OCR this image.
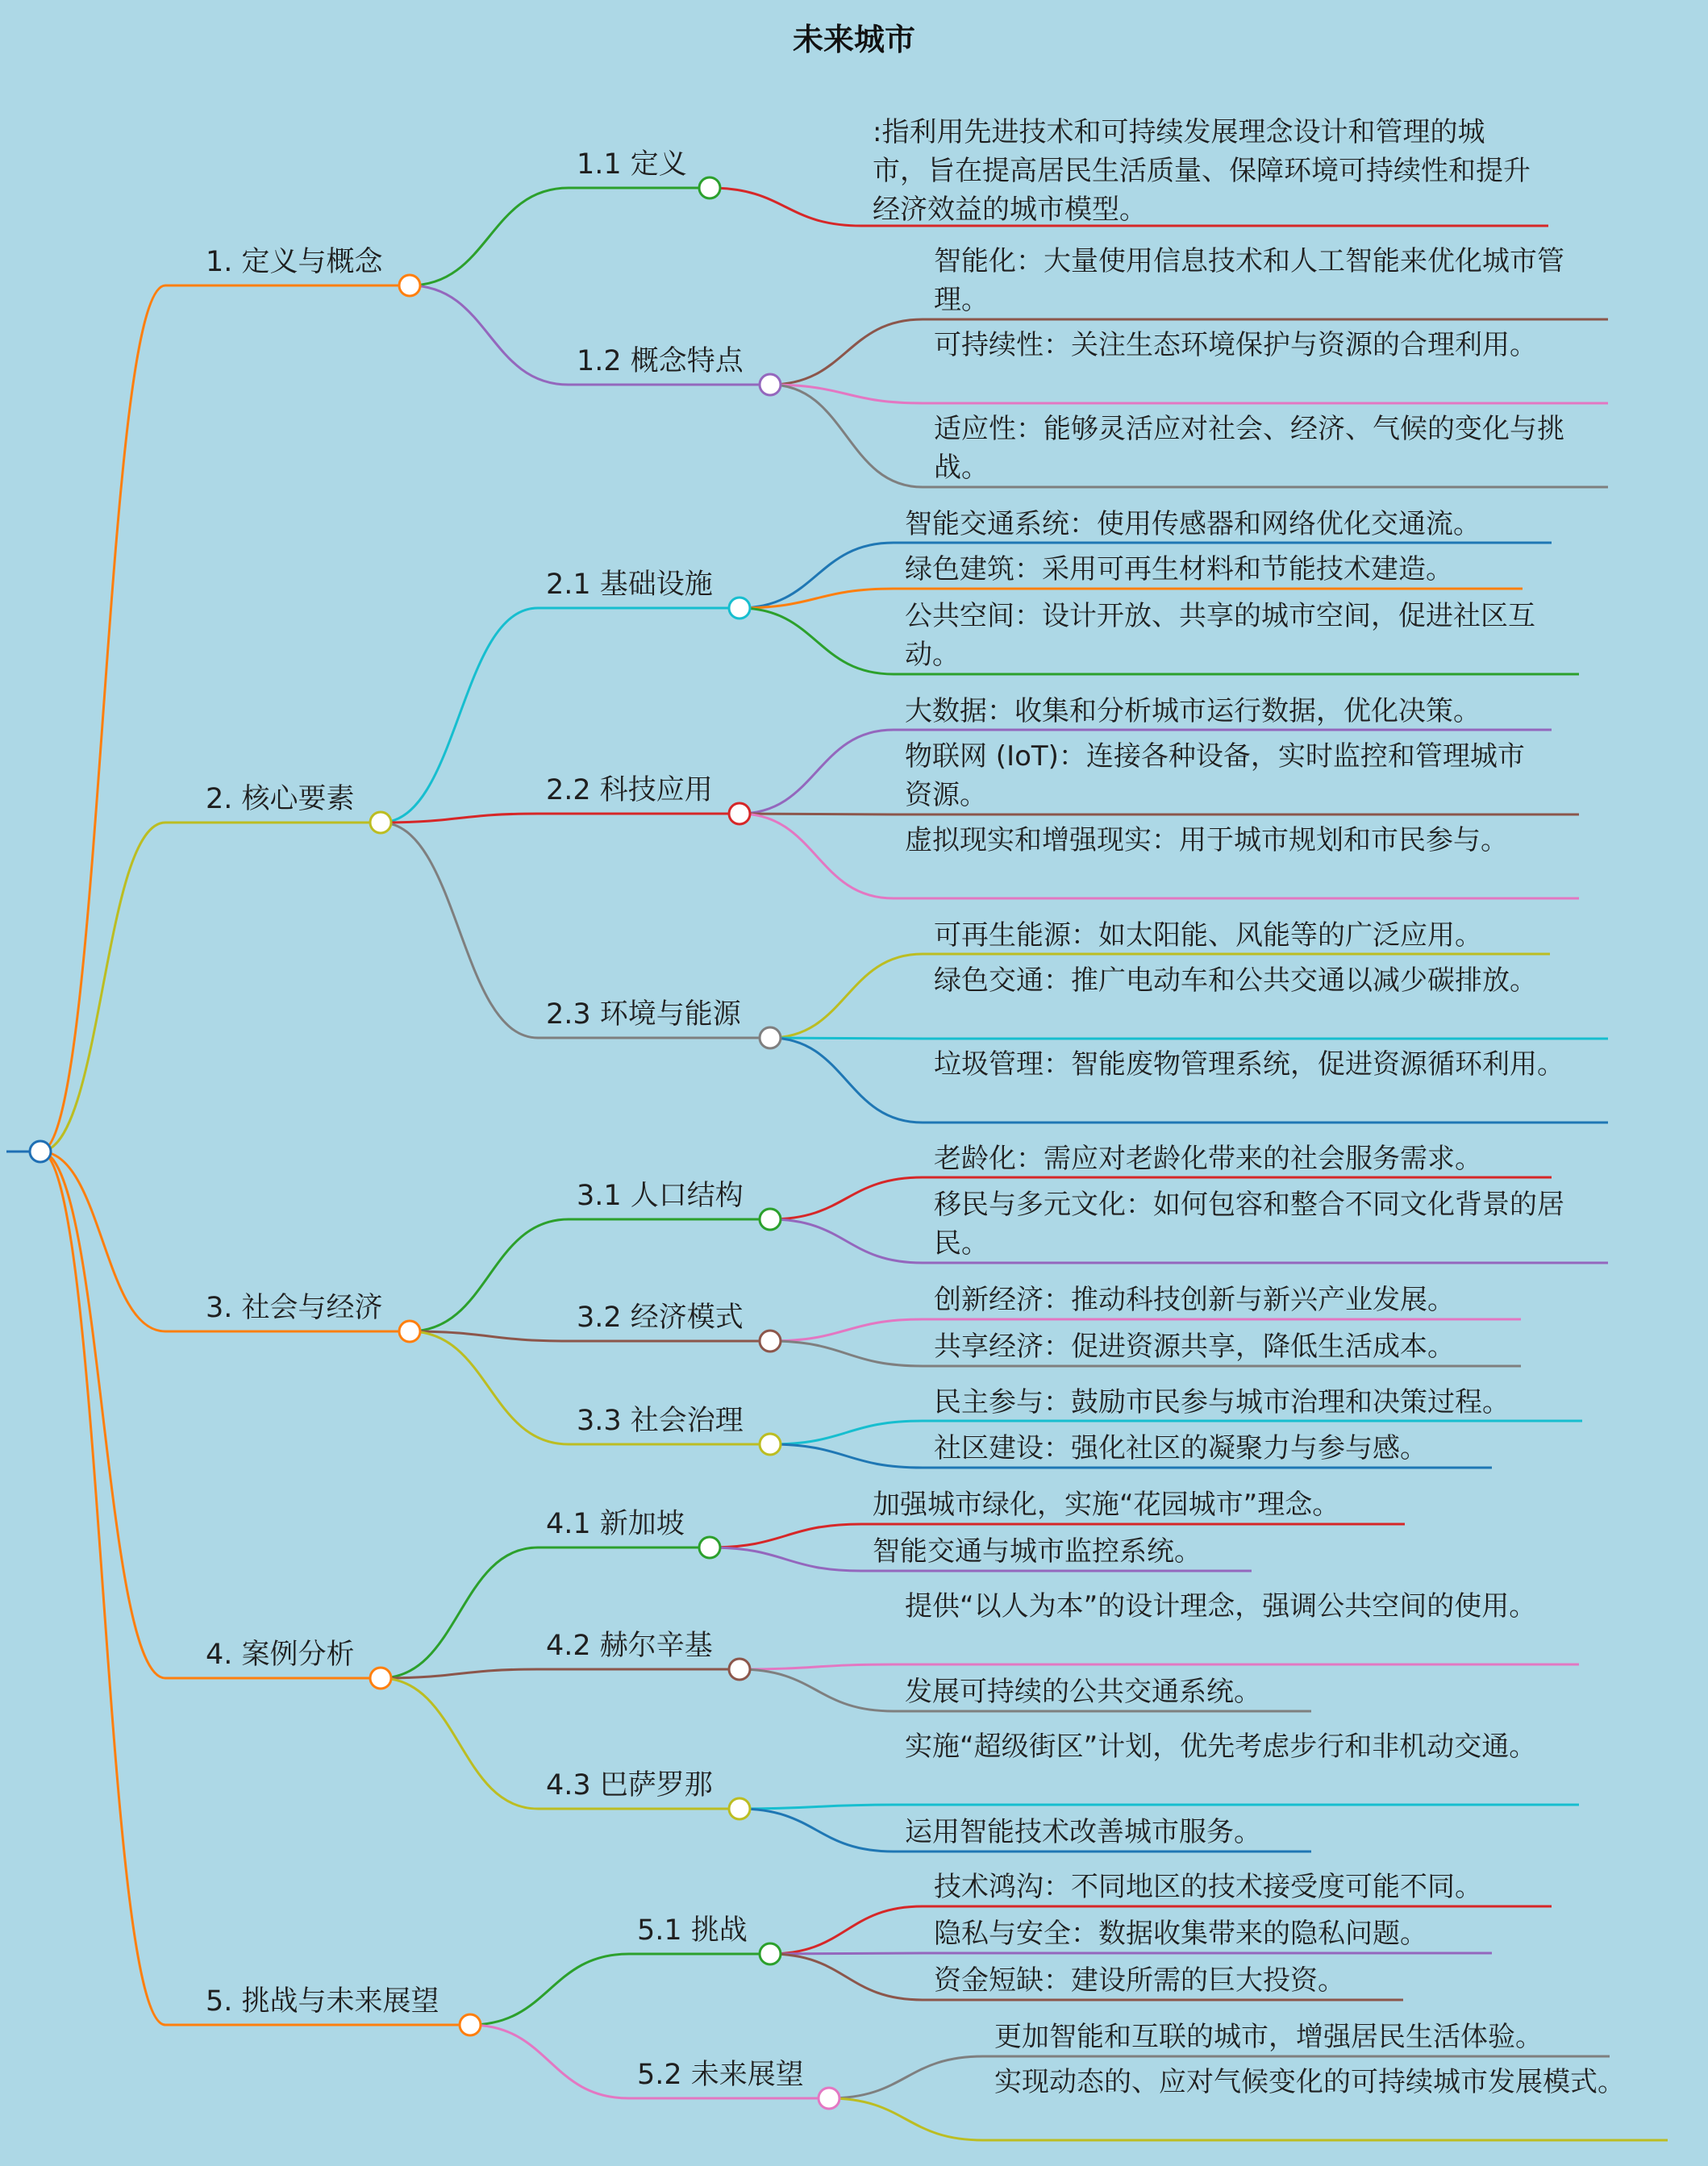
未来城市
1. 定义与概念
1.1 定义
:指利用先进技术和可持续发展理念设计和管理的城市，旨在提高居民生活质量、保障环境可持续性和提升经济效益的城市模型。
1.2 概念特点
智能化：大量使用信息技术和人工智能来优化城市管理。
可持续性：关注生态环境保护与资源的合理利用。
适应性：能够灵活应对社会、经济、气候的变化与挑战。
2. 核心要素
2.1 基础设施
智能交通系统：使用传感器和网络优化交通流。
绿色建筑：采用可再生材料和节能技术建造。
公共空间：设计开放、共享的城市空间，促进社区互动。
2.2 科技应用
大数据：收集和分析城市运行数据，优化决策。
物联网 (IoT)：连接各种设备，实时监控和管理城市资源。
虚拟现实和增强现实：用于城市规划和市民参与。
2.3 环境与能源
可再生能源：如太阳能、风能等的广泛应用。
绿色交通：推广电动车和公共交通以减少碳排放。
垃圾管理：智能废物管理系统，促进资源循环利用。
3. 社会与经济
3.1 人口结构
老龄化：需应对老龄化带来的社会服务需求。
移民与多元文化：如何包容和整合不同文化背景的居民。
3.2 经济模式
创新经济：推动科技创新与新兴产业发展。
共享经济：促进资源共享，降低生活成本。
3.3 社会治理
民主参与：鼓励市民参与城市治理和决策过程。
社区建设：强化社区的凝聚力与参与感。
4. 案例分析
4.1 新加坡
加强城市绿化，实施“花园城市”理念。
智能交通与城市监控系统。
4.2 赫尔辛基
提供“以人为本”的设计理念，强调公共空间的使用。
发展可持续的公共交通系统。
4.3 巴萨罗那
实施“超级街区”计划，优先考虑步行和非机动交通。
运用智能技术改善城市服务。
5. 挑战与未来展望
5.1 挑战
技术鸿沟：不同地区的技术接受度可能不同。
隐私与安全：数据收集带来的隐私问题。
资金短缺：建设所需的巨大投资。
5.2 未来展望
更加智能和互联的城市，增强居民生活体验。
实现动态的、应对气候变化的可持续城市发展模式。
